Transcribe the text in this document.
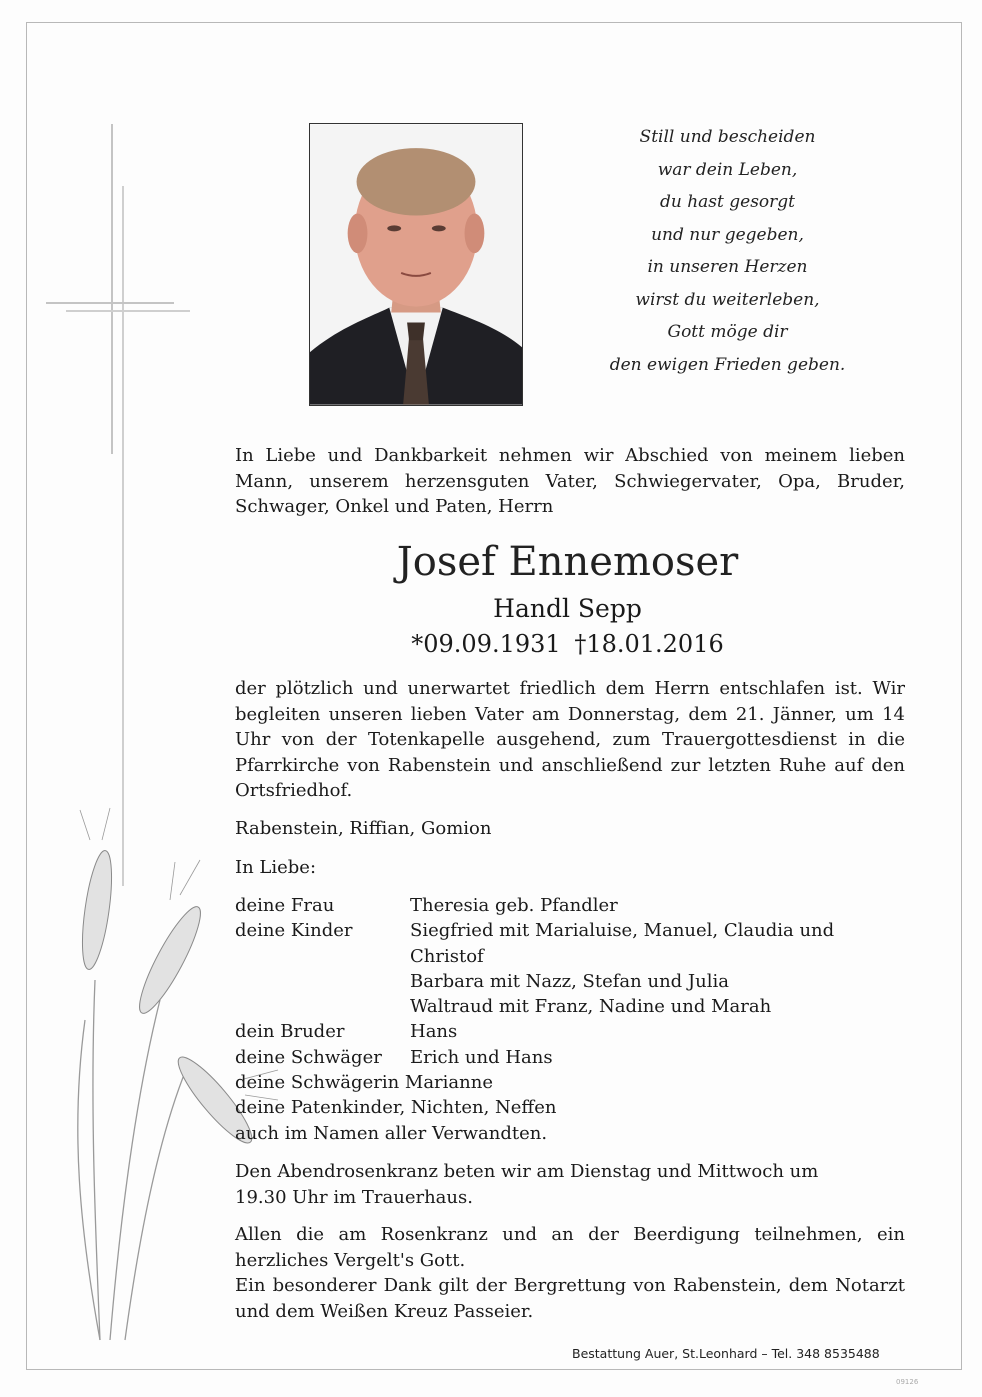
Still und bescheiden
war dein Leben,
du hast gesorgt
und nur gegeben,
in unseren Herzen
wirst du weiterleben,
Gott möge dir
den ewigen Frieden geben.
In Liebe und Dankbarkeit nehmen wir Abschied von meinem lieben Mann, unserem herzensguten Vater, Schwiegervater, Opa, Bruder, Schwager, Onkel und Paten, Herrn
Josef Ennemoser
Handl Sepp
*09.09.1931 †18.01.2016
der plötzlich und unerwartet friedlich dem Herrn entschlafen ist. Wir begleiten unseren lieben Vater am Donnerstag, dem 21. Jänner, um 14 Uhr von der Totenkapelle ausgehend, zum Trauergottesdienst in die Pfarrkirche von Rabenstein und anschließend zur letzten Ruhe auf den Ortsfriedhof.
Rabenstein, Riffian, Gomion
In Liebe:
deine Frau	Theresia geb. Pfandler
deine Kinder	Siegfried mit Marialuise, Manuel, Claudia und Christof
Barbara mit Nazz, Stefan und Julia
Waltraud mit Franz, Nadine und Marah
dein Bruder	Hans
deine Schwäger	Erich und Hans
deine Schwägerin Marianne
deine Patenkinder, Nichten, Neffen
auch im Namen aller Verwandten.
Den Abendrosenkranz beten wir am Dienstag und Mittwoch um 19.30 Uhr im Trauerhaus.
Allen die am Rosenkranz und an der Beerdigung teilnehmen, ein herzliches Vergelt's Gott.
Ein besonderer Dank gilt der Bergrettung von Rabenstein, dem Notarzt und dem Weißen Kreuz Passeier.
Bestattung Auer, St.Leonhard – Tel. 348 8535488
09126
